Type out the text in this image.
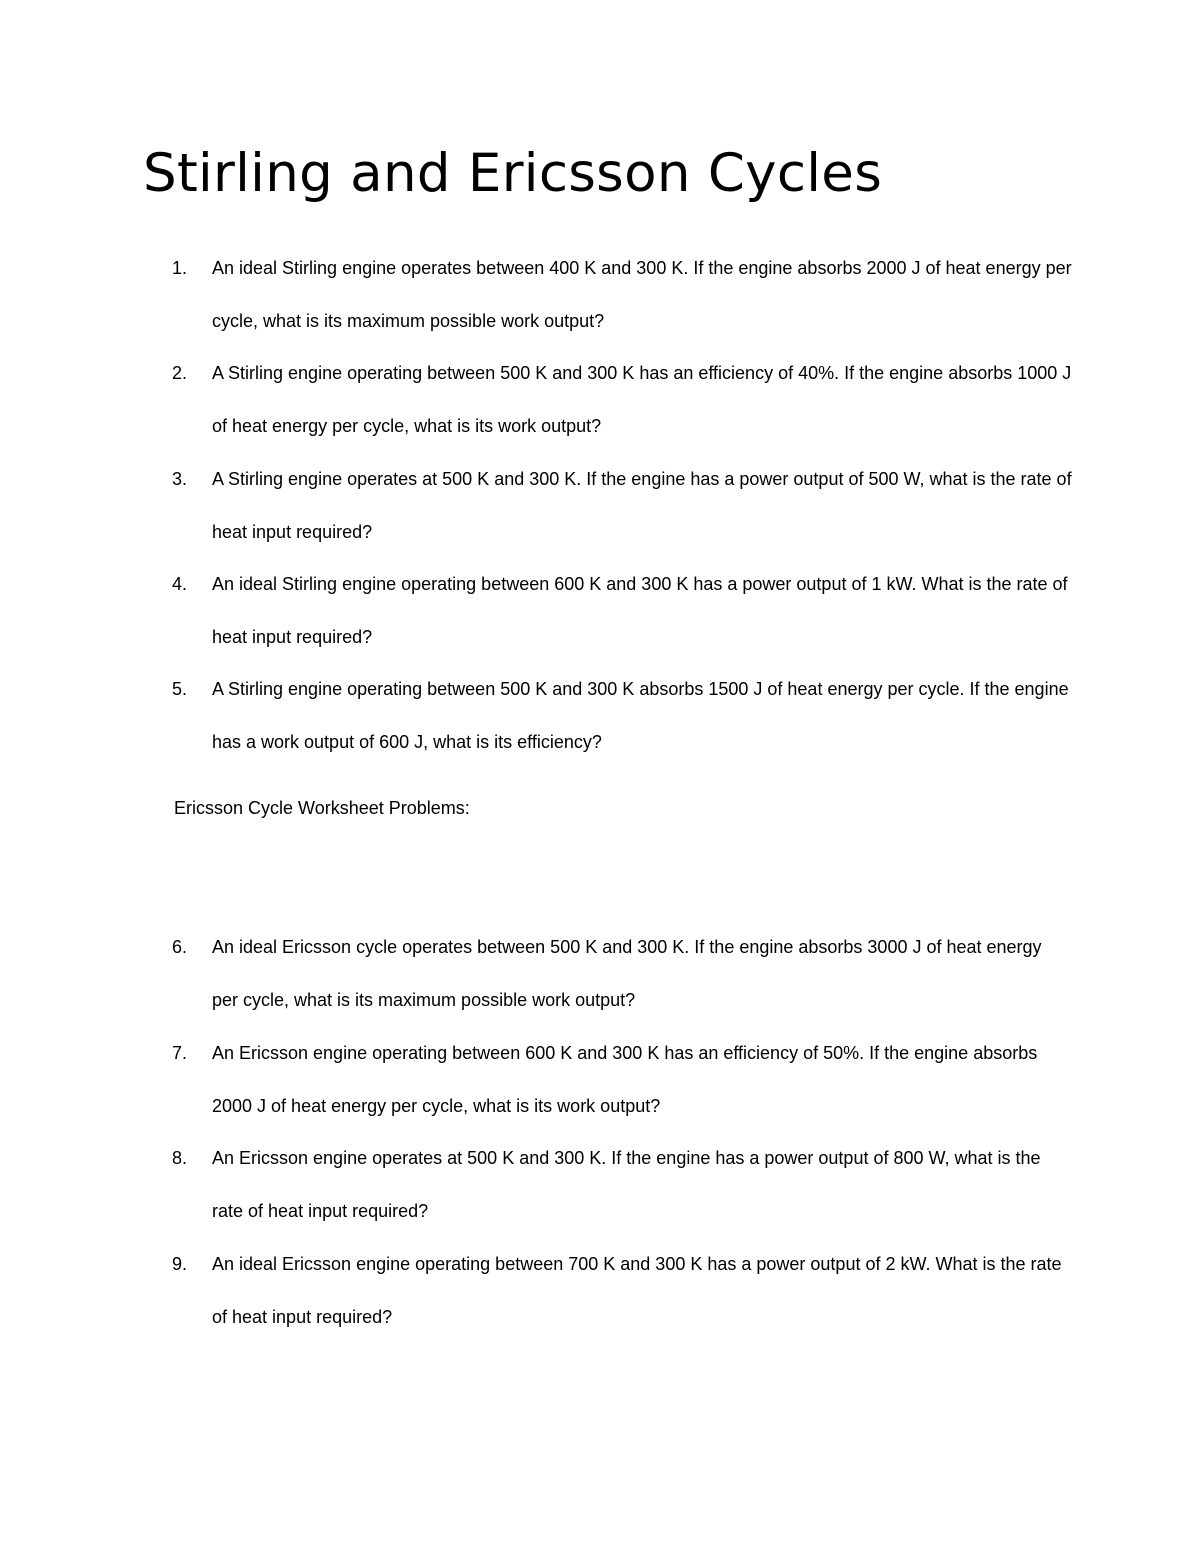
Stirling and Ericsson Cycles
1. An ideal Stirling engine operates between 400 K and 300 K. If the engine absorbs 2000 J of heat energy per cycle, what is its maximum possible work output?

2. A Stirling engine operating between 500 K and 300 K has an efficiency of 40%. If the engine absorbs 1000 J of heat energy per cycle, what is its work output?

3. A Stirling engine operates at 500 K and 300 K. If the engine has a power output of 500 W, what is the rate of heat input required?

4. An ideal Stirling engine operating between 600 K and 300 K has a power output of 1 kW. What is the rate of heat input required?

5. A Stirling engine operating between 500 K and 300 K absorbs 1500 J of heat energy per cycle. If the engine has a work output of 600 J, what is its efficiency?

Ericsson Cycle Worksheet Problems:

6. An ideal Ericsson cycle operates between 500 K and 300 K. If the engine absorbs 3000 J of heat energy per cycle, what is its maximum possible work output?

7. An Ericsson engine operating between 600 K and 300 K has an efficiency of 50%. If the engine absorbs 2000 J of heat energy per cycle, what is its work output?

8. An Ericsson engine operates at 500 K and 300 K. If the engine has a power output of 800 W, what is the rate of heat input required?

9. An ideal Ericsson engine operating between 700 K and 300 K has a power output of 2 kW. What is the rate of heat input required?
